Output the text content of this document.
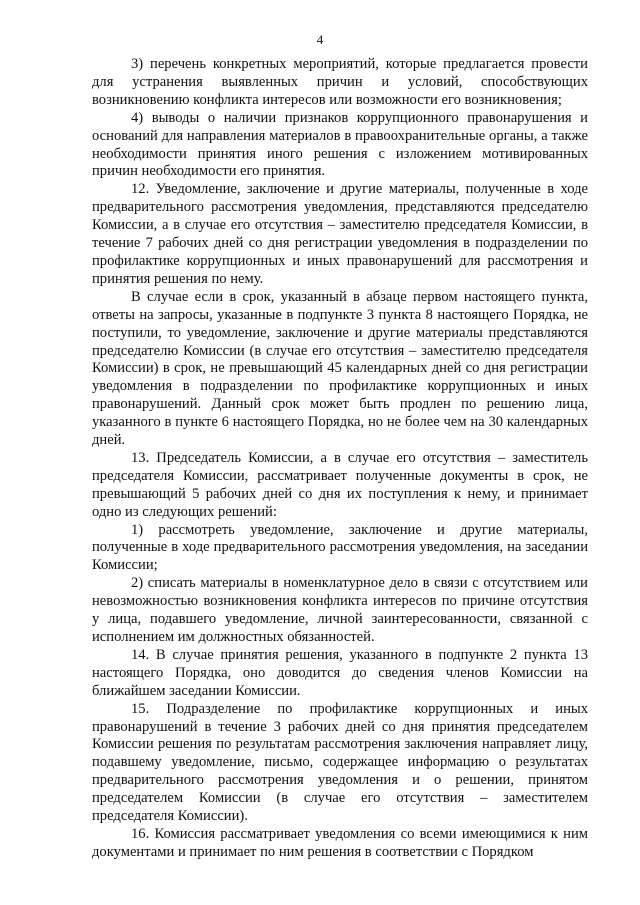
4

3) перечень конкретных мероприятий, которые предлагается провести для устранения выявленных причин и условий, способствующих возникновению конфликта интересов или возможности его возникновения;

4) выводы о наличии признаков коррупционного правонарушения и оснований для направления материалов в правоохранительные органы, а также необходимости принятия иного решения с изложением мотивированных причин необходимости его принятия.

12. Уведомление, заключение и другие материалы, полученные в ходе предварительного рассмотрения уведомления, представляются председателю Комиссии, а в случае его отсутствия – заместителю председателя Комиссии, в течение 7 рабочих дней со дня регистрации уведомления в подразделении по профилактике коррупционных и иных правонарушений для рассмотрения и принятия решения по нему.

В случае если в срок, указанный в абзаце первом настоящего пункта, ответы на запросы, указанные в подпункте 3 пункта 8 настоящего Порядка, не поступили, то уведомление, заключение и другие материалы представляются председателю Комиссии (в случае его отсутствия – заместителю председателя Комиссии) в срок, не превышающий 45 календарных дней со дня регистрации уведомления в подразделении по профилактике коррупционных и иных правонарушений. Данный срок может быть продлен по решению лица, указанного в пункте 6 настоящего Порядка, но не более чем на 30 календарных дней.

13. Председатель Комиссии, а в случае его отсутствия – заместитель председателя Комиссии, рассматривает полученные документы в срок, не превышающий 5 рабочих дней со дня их поступления к нему, и принимает одно из следующих решений:

1) рассмотреть уведомление, заключение и другие материалы, полученные в ходе предварительного рассмотрения уведомления, на заседании Комиссии;

2) списать материалы в номенклатурное дело в связи с отсутствием или невозможностью возникновения конфликта интересов по причине отсутствия у лица, подавшего уведомление, личной заинтересованности, связанной с исполнением им должностных обязанностей.

14. В случае принятия решения, указанного в подпункте 2 пункта 13 настоящего Порядка, оно доводится до сведения членов Комиссии на ближайшем заседании Комиссии.

15. Подразделение по профилактике коррупционных и иных правонарушений в течение 3 рабочих дней со дня принятия председателем Комиссии решения по результатам рассмотрения заключения направляет лицу, подавшему уведомление, письмо, содержащее информацию о результатах предварительного рассмотрения уведомления и о решении, принятом председателем Комиссии (в случае его отсутствия – заместителем председателя Комиссии).

16. Комиссия рассматривает уведомления со всеми имеющимися к ним документами и принимает по ним решения в соответствии с Порядком
